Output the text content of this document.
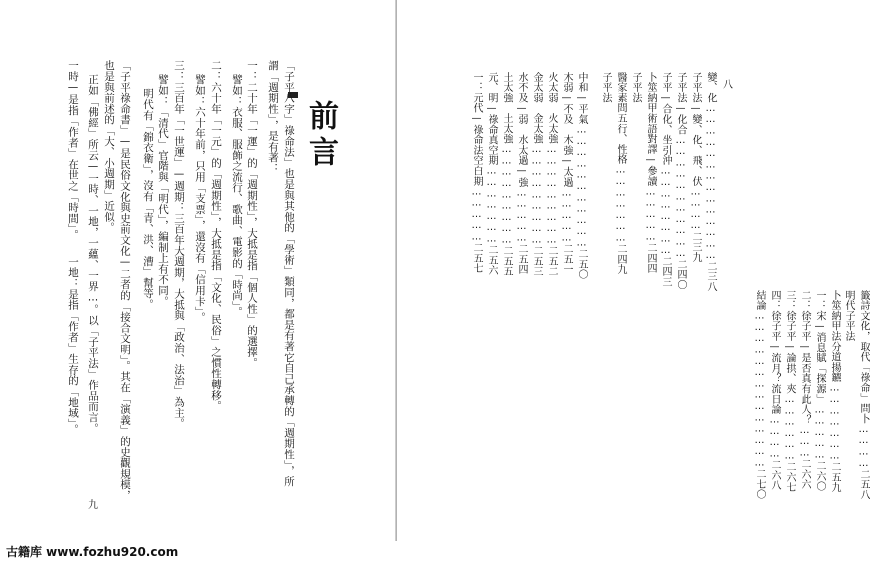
前言
「子平八字」祿命法」也是與其他的「學術」類同，都是有著它自己承轉的「週期性」，所
謂「週期性」，是有著：
一：二十年「一運」的「週期性」，大抵是指「個人性」的選擇。
譬如：衣服、服飾之流行、歌曲、電影的「時尚」。
二：六十年「一元」的「週期性」，大抵是指「文化、民俗」之慣性轉移。
譬如：六十年前，只用「支票」，還沒有「信用卡」。
三：三百年「一世運」—週期：三百年大週期，大抵與「政治、法治」為主。
譬如：「清代」官階與「明代」，編制上有不同。
明代有「錦衣衛」，沒有「青、洪、漕」幫等。
「子平祿命書」—是民俗文化與史前文化—二者的「接合文明」。其在「演義」的史觀規模，
也是與前述的「大、小週期」近似。
正如「佛經」所云—一時、一地，一蘊、一界…。以「子平法」作品而言。
一時—是指「作者」在世之「時間」。　　一地：是指「作者」生存的「地域」。
九
變、化……………………………………二三八
子平法—變、化、飛、伏…………二三九
子平法—化合……………………………二四〇
子平—合化、坐引沖……………………二四三
卜筮納甲術語對譯—參讀……………二四四
子平法
醫家素問五行、性格…………………二四九
子平法
中和—平氣……………………………二五〇
木弱—不及　木強—太過……………二五一
火太弱　火太強………………………二五二
金太弱　金太強………………………二五三
水不及—弱　水太過—強……………二五四
土太強　土太強………………………二五五
元、明—祿命真空期…………………二五六
一：元代—祿命法空白期……………二五七
籤詩文化，取代「祿命」問卜…………二五八
明代子平法
卜筮納甲法分道揚鑣…………………二五九
一：宋—消息賦「探源」……………二六〇
二：徐子平—是否真有此人？………二六六
三：徐子平—論拱、夾………………二六七
四：徐子平—流月？流日論…………二六八
結論……………………………………二七〇
八
古籍库 www.fozhu920.com
